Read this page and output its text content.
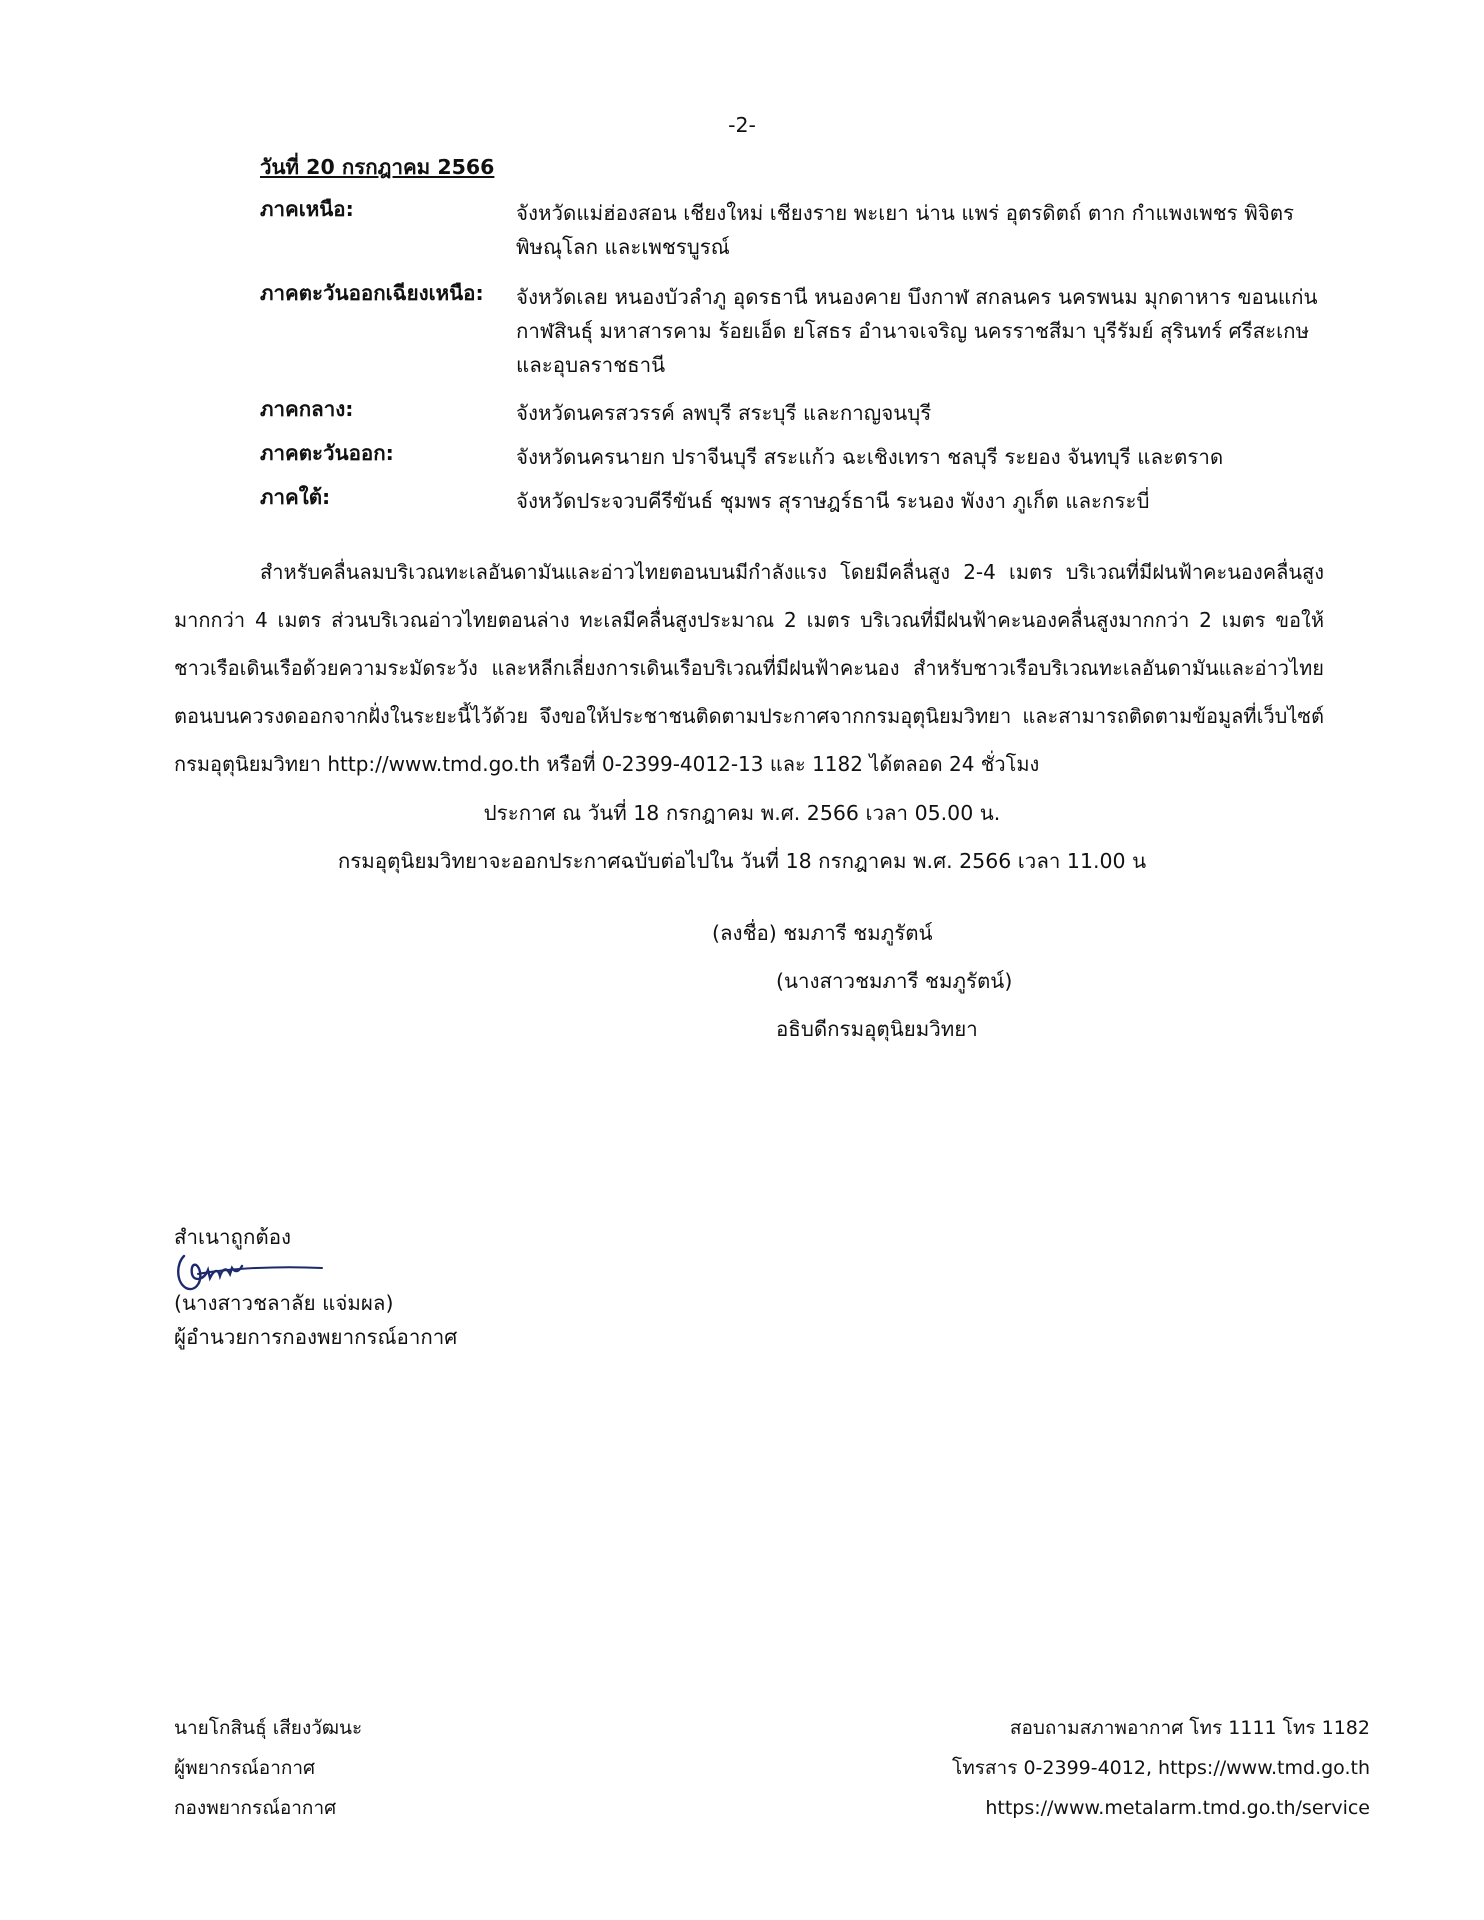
-2-
วันที่ 20 กรกฎาคม 2566
ภาคเหนือ:	จังหวัดแม่ฮ่องสอน เชียงใหม่ เชียงราย พะเยา น่าน แพร่ อุตรดิตถ์ ตาก กำแพงเพชร พิจิตร พิษณุโลก และเพชรบูรณ์
ภาคตะวันออกเฉียงเหนือ: จังหวัดเลย หนองบัวลำภู อุดรธานี หนองคาย บึงกาฬ สกลนคร นครพนม มุกดาหาร ขอนแก่น กาฬสินธุ์ มหาสารคาม ร้อยเอ็ด ยโสธร อำนาจเจริญ นครราชสีมา บุรีรัมย์ สุรินทร์ ศรีสะเกษ และอุบลราชธานี
ภาคกลาง:	จังหวัดนครสวรรค์ ลพบุรี สระบุรี และกาญจนบุรี
ภาคตะวันออก:	จังหวัดนครนายก ปราจีนบุรี สระแก้ว ฉะเชิงเทรา ชลบุรี ระยอง จันทบุรี และตราด
ภาคใต้:	จังหวัดประจวบคีรีขันธ์ ชุมพร สุราษฎร์ธานี ระนอง พังงา ภูเก็ต และกระบี่
สำหรับคลื่นลมบริเวณทะเลอันดามันและอ่าวไทยตอนบนมีกำลังแรง โดยมีคลื่นสูง 2-4 เมตร บริเวณที่มีฝนฟ้าคะนองคลื่นสูงมากกว่า 4 เมตร ส่วนบริเวณอ่าวไทยตอนล่าง ทะเลมีคลื่นสูงประมาณ 2 เมตร บริเวณที่มีฝนฟ้าคะนองคลื่นสูงมากกว่า 2 เมตร ขอให้ชาวเรือเดินเรือด้วยความระมัดระวัง และหลีกเลี่ยงการเดินเรือบริเวณที่มีฝนฟ้าคะนอง สำหรับชาวเรือบริเวณทะเลอันดามันและอ่าวไทยตอนบนควรงดออกจากฝั่งในระยะนี้ไว้ด้วย จึงขอให้ประชาชนติดตามประกาศจากกรมอุตุนิยมวิทยา และสามารถติดตามข้อมูลที่เว็บไซต์กรมอุตุนิยมวิทยา http://www.tmd.go.th หรือที่ 0-2399-4012-13 และ 1182 ได้ตลอด 24 ชั่วโมง
ประกาศ ณ วันที่ 18 กรกฎาคม พ.ศ. 2566 เวลา 05.00 น.
กรมอุตุนิยมวิทยาจะออกประกาศฉบับต่อไปใน วันที่ 18 กรกฎาคม พ.ศ. 2566 เวลา 11.00 น
(ลงชื่อ) ชมภารี ชมภูรัตน์
(นางสาวชมภารี ชมภูรัตน์)
อธิบดีกรมอุตุนิยมวิทยา
สำเนาถูกต้อง
(นางสาวชลาลัย แจ่มผล)
ผู้อำนวยการกองพยากรณ์อากาศ
นายโกสินธุ์ เสียงวัฒนะ
ผู้พยากรณ์อากาศ
กองพยากรณ์อากาศ
สอบถามสภาพอากาศ โทร 1111 โทร 1182
โทรสาร 0-2399-4012, https://www.tmd.go.th
https://www.metalarm.tmd.go.th/service
